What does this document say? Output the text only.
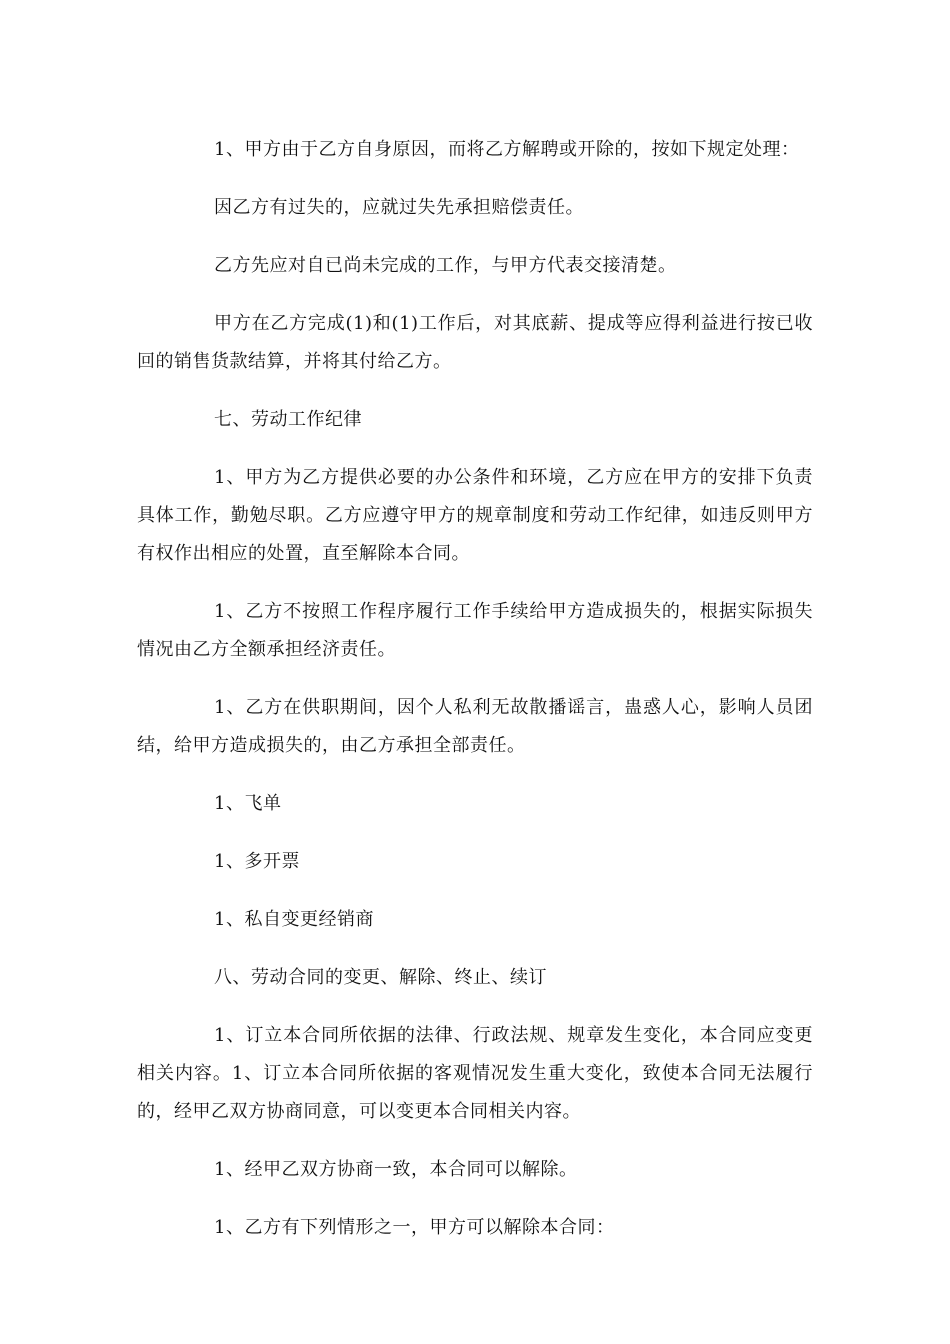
1、甲方由于乙方自身原因，而将乙方解聘或开除的，按如下规定处理：

因乙方有过失的，应就过失先承担赔偿责任。

乙方先应对自已尚未完成的工作，与甲方代表交接清楚。

甲方在乙方完成(1)和(1)工作后，对其底薪、提成等应得利益进行按已收回的销售货款结算，并将其付给乙方。

七、劳动工作纪律

1、甲方为乙方提供必要的办公条件和环境，乙方应在甲方的安排下负责具体工作，勤勉尽职。乙方应遵守甲方的规章制度和劳动工作纪律，如违反则甲方有权作出相应的处置，直至解除本合同。

1、乙方不按照工作程序履行工作手续给甲方造成损失的，根据实际损失情况由乙方全额承担经济责任。

1、乙方在供职期间，因个人私利无故散播谣言，蛊惑人心，影响人员团结，给甲方造成损失的，由乙方承担全部责任。

1、飞单

1、多开票

1、私自变更经销商

八、劳动合同的变更、解除、终止、续订

1、订立本合同所依据的法律、行政法规、规章发生变化，本合同应变更相关内容。1、订立本合同所依据的客观情况发生重大变化，致使本合同无法履行的，经甲乙双方协商同意，可以变更本合同相关内容。

1、经甲乙双方协商一致，本合同可以解除。

1、乙方有下列情形之一，甲方可以解除本合同：
